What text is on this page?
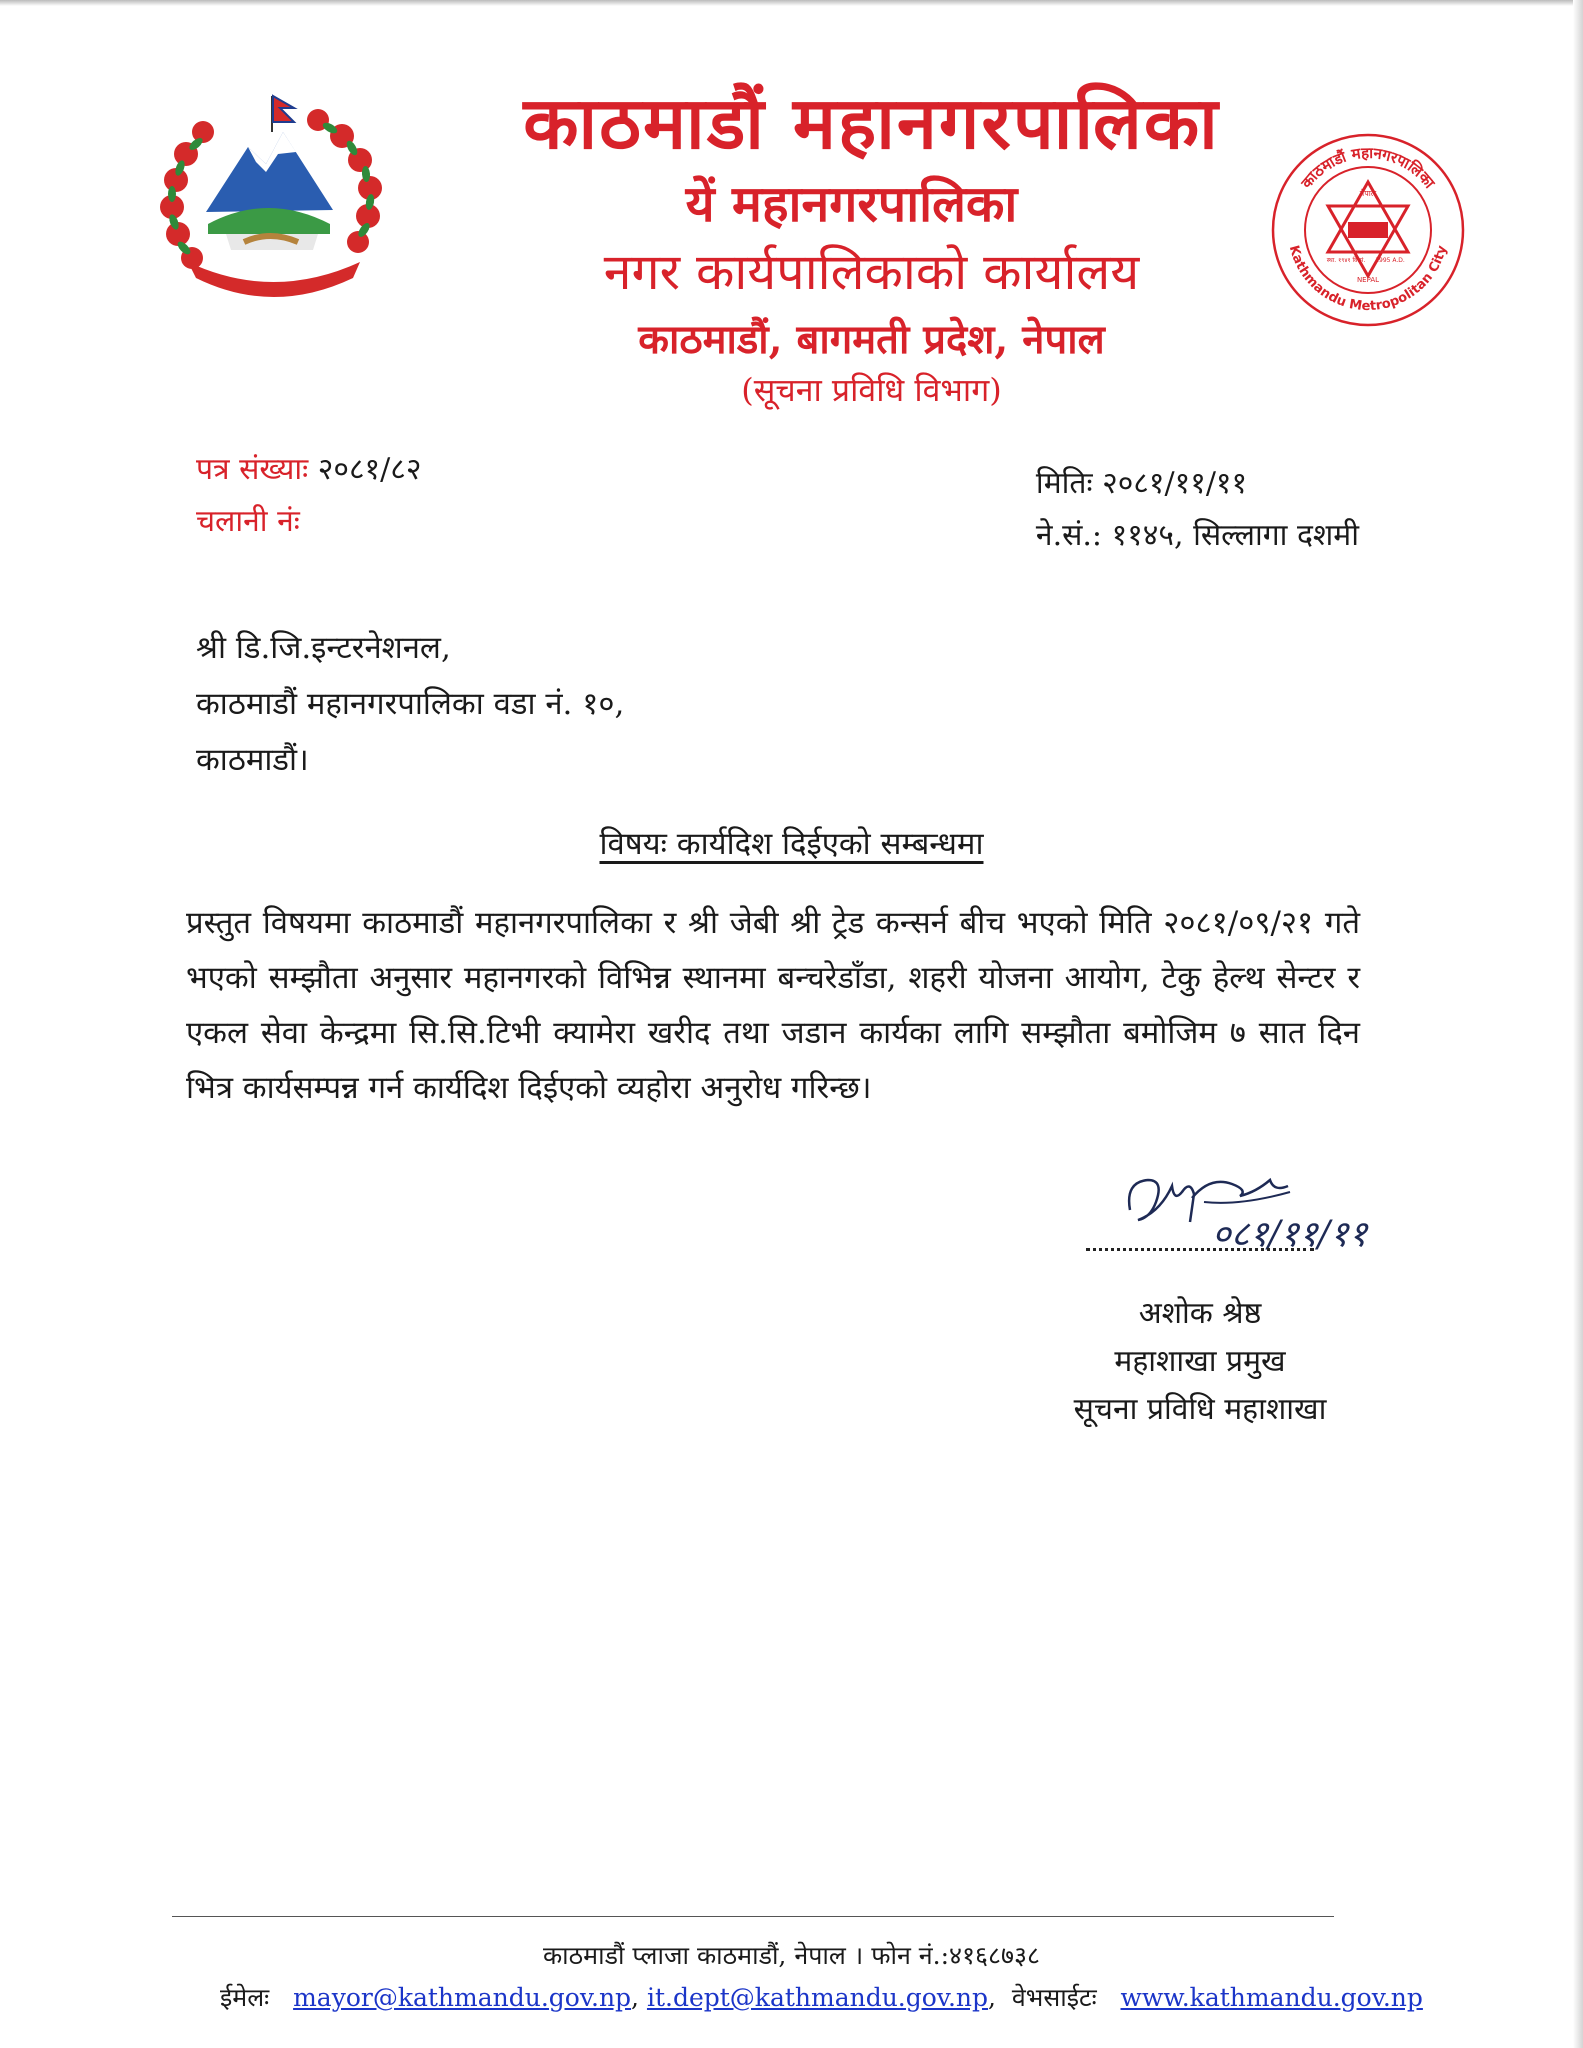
काठमाडौं महानगरपालिका
यें महानगरपालिका
नगर कार्यपालिकाको कार्यालय
काठमाडौं, बागमती प्रदेश, नेपाल
(सूचना प्रविधि विभाग)
काठमाडौं महानगरपालिका
Kathmandu Metropolitan City
नेपाल
स्था. १९४१ वि.सं. 1995 A.D.
NEPAL
पत्र संख्याः २०८१/८२
चलानी नंः
मितिः २०८१/११/११
ने.सं.: ११४५, सिल्लागा दशमी
श्री डि.जि.इन्टरनेशनल,
काठमाडौं महानगरपालिका वडा नं. १०,
काठमाडौं।
विषयः कार्यदिश दिईएको सम्बन्धमा
प्रस्तुत विषयमा काठमाडौं महानगरपालिका र श्री जेबी श्री ट्रेड कन्सर्न बीच भएको मिति २०८१/०९/२१ गते भएको सम्झौता अनुसार महानगरको विभिन्न स्थानमा बन्चरेडाँडा, शहरी योजना आयोग, टेकु हेल्थ सेन्टर र एकल सेवा केन्द्रमा सि.सि.टिभी क्यामेरा खरीद तथा जडान कार्यका लागि सम्झौता बमोजिम ७ सात दिन भित्र कार्यसम्पन्न गर्न कार्यदिश दिईएको व्यहोरा अनुरोध गरिन्छ।
०८१/११/११
अशोक श्रेष्ठ
महाशाखा प्रमुख
सूचना प्रविधि महाशाखा
काठमाडौं प्लाजा काठमाडौं, नेपाल । फोन नं.:४१६८७३८
ईमेलः mayor@kathmandu.gov.np, it.dept@kathmandu.gov.np,  वेभसाईटः www.kathmandu.gov.np
